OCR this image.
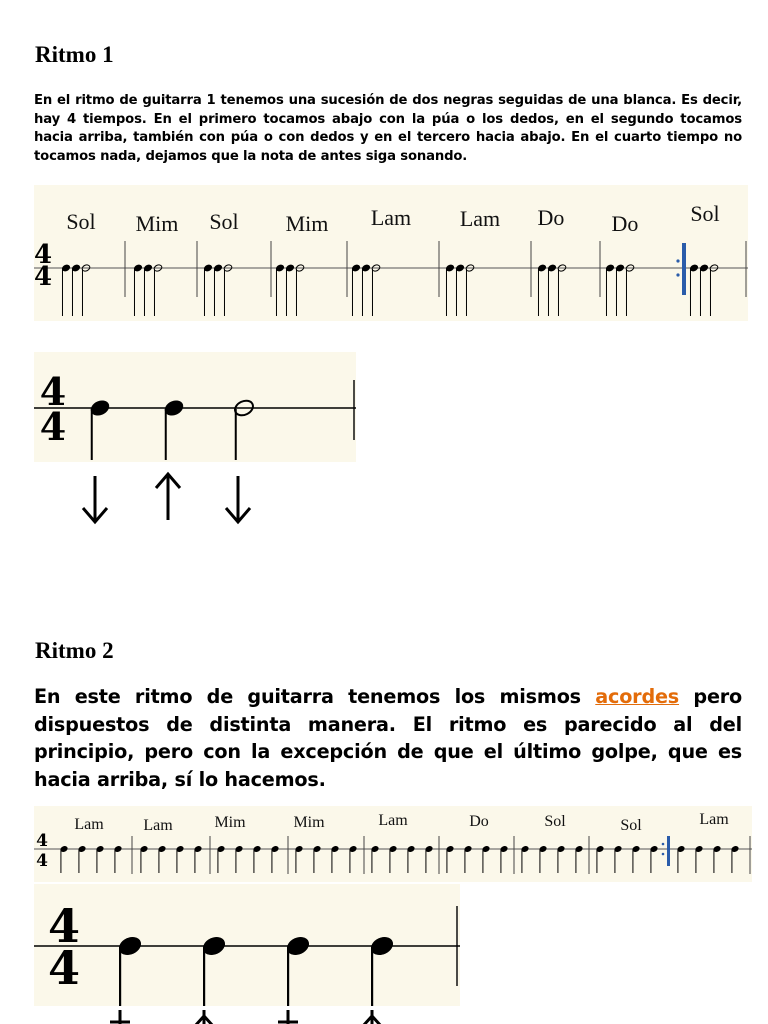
Ritmo 1

En el ritmo de guitarra 1 tenemos una sucesión de dos negras seguidas de una blanca. Es decir, hay 4 tiempos. En el primero tocamos abajo con la púa o los dedos, en el segundo tocamos hacia arriba, también con púa o con dedos y en el tercero hacia abajo. En el cuarto tiempo no tocamos nada, dejamos que la nota de antes siga sonando.

4
4
Sol Mim Sol Mim Lam Lam Do Do Sol
4
4
Ritmo 2

En este ritmo de guitarra tenemos los mismos acordes pero dispuestos de distinta manera. El ritmo es parecido al del principio, pero con la excepción de que el último golpe, que es hacia arriba, sí lo hacemos.

4
4
Lam Lam	Mim	Mim	Lam	Do	Sol	Sol	Lam
4
4
